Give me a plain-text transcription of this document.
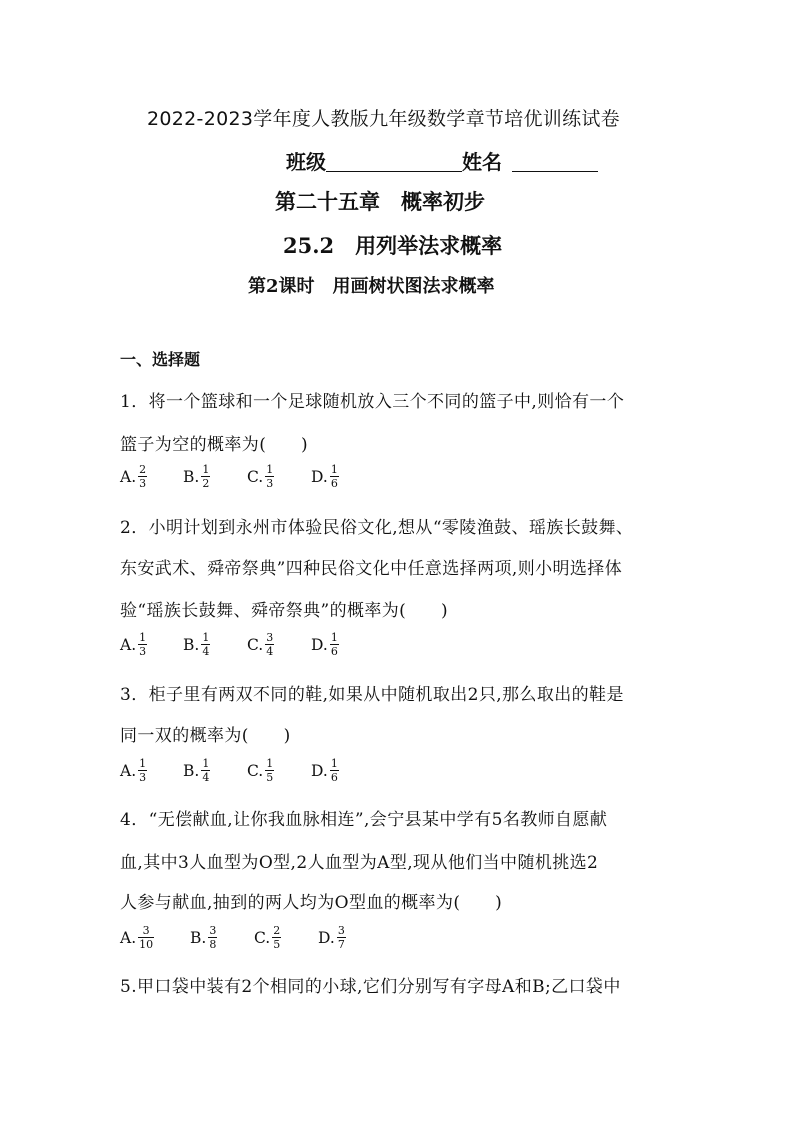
2022-2023学年度人教版九年级数学章节培优训练试卷
班级	姓名
第二十五章　概率初步
25.2　用列举法求概率
第2课时　用画树状图法求概率
一、选择题
1．将一个篮球和一个足球随机放入三个不同的篮子中,则恰有一个
篮子为空的概率为(　　)
A. $\frac{2}{3} B$. $\frac{1}{2} C$. $\frac{1}{3} D$. $\frac{1}{6}$
2．小明计划到永州市体验民俗文化,想从“零陵渔鼓、瑶族长鼓舞、
东安武术、舜帝祭典”四种民俗文化中任意选择两项,则小明选择体
验“瑶族长鼓舞、舜帝祭典”的概率为(　　)
A. $\frac{1}{3} B$. $\frac{1}{4} C$. $\frac{3}{4} D$. $\frac{1}{6}$
3．柜子里有两双不同的鞋,如果从中随机取出2只,那么取出的鞋是
同一双的概率为(　　)
A. $\frac{1}{3} B$. $\frac{1}{4} C$. $\frac{1}{5} D$. $\frac{1}{6}$
4．“无偿献血,让你我血脉相连”,会宁县某中学有5名教师自愿献
血,其中3人血型为O型,2人血型为A型,现从他们当中随机挑选2
人参与献血,抽到的两人均为O型血的概率为(　　)
A. $\frac{3}{10} B$. $\frac{3}{8} C$. $\frac{2}{5} D$. $\frac{3}{7}$
5.甲口袋中装有2个相同的小球,它们分别写有字母A和B;乙口袋中
